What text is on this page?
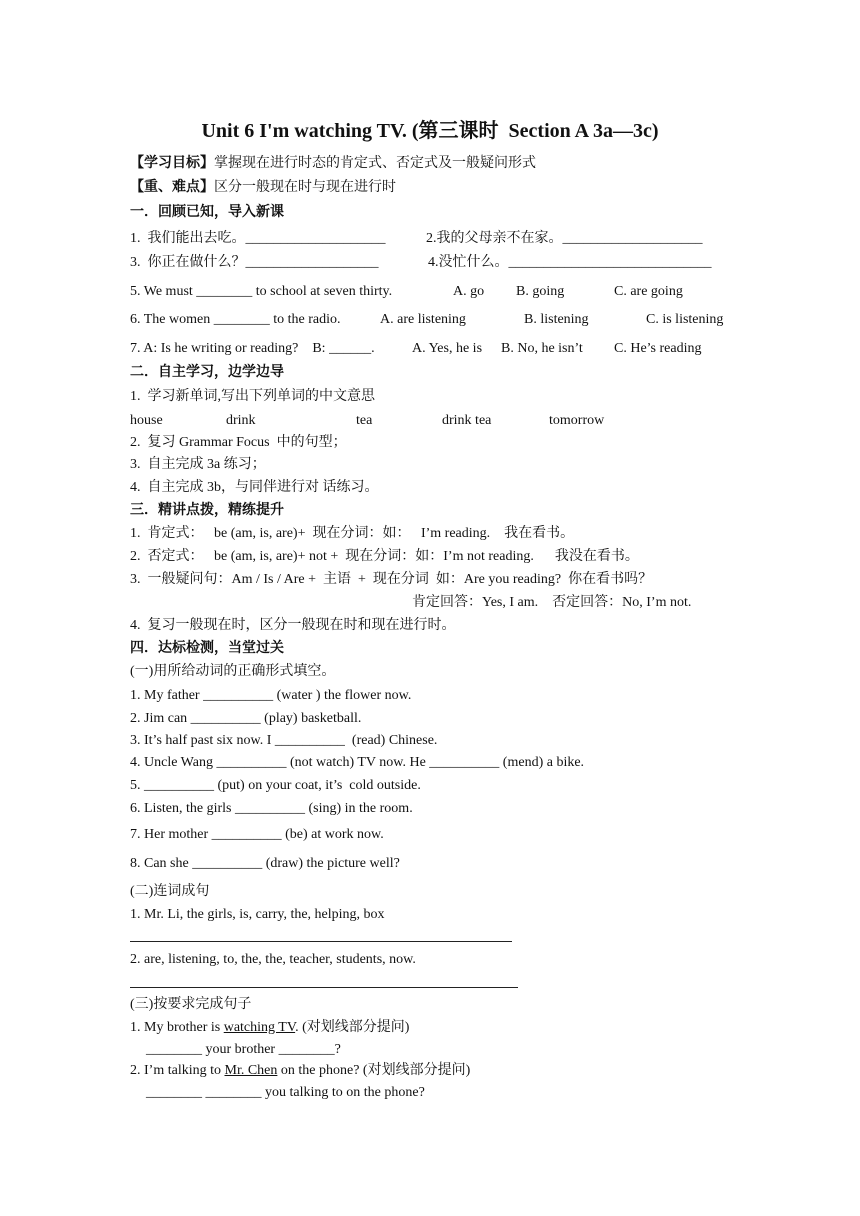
Unit 6 I'm watching TV. (第三课时  Section A 3a—3c)
【学习目标】掌握现在进行时态的肯定式、否定式及一般疑问形式
【重、难点】区分一般现在时与现在进行时
一．回顾已知，导入新课
1.  我们能出去吃。____________________	2.我的父母亲不在家。____________________
3.  你正在做什么？___________________	4.没忙什么。_____________________________
5. We must ________ to school at seven thirty.	A. go B. going	C. are going
6. The women ________ to the radio.	A. are listening	B. listening	C. is listening
7. A: Is he writing or reading?    B: ______.	A. Yes, he is B. No, he isn’t C. He’s reading
二．自主学习，边学边导
1.  学习新单词,写出下列单词的中文意思
house	drink	tea	drink tea	tomorrow
2.  复习 Grammar Focus  中的句型；
3.  自主完成 3a 练习；
4.  自主完成 3b，与同伴进行对 话练习。
三．精讲点拨，精练提升
1.  肯定式：   be (am, is, are)+  现在分词：如：   I’m reading.    我在看书。
2.  否定式：   be (am, is, are)+ not +  现在分词：如：I’m not reading.      我没在看书。
3.  一般疑问句：Am / Is / Are +  主语  +  现在分词  如：Are you reading?  你在看书吗？
肯定回答：Yes, I am.    否定回答：No, I’m not.
4.  复习一般现在时，区分一般现在时和现在进行时。
四．达标检测，当堂过关
(一)用所给动词的正确形式填空。
1. My father __________ (water ) the flower now.
2. Jim can __________ (play) basketball.
3. It’s half past six now. I __________  (read) Chinese.
4. Uncle Wang __________ (not watch) TV now. He __________ (mend) a bike.
5. __________ (put) on your coat, it’s  cold outside.
6. Listen, the girls __________ (sing) in the room.
7. Her mother __________ (be) at work now.
8. Can she __________ (draw) the picture well?
(二)连词成句
1. Mr. Li, the girls, is, carry, the, helping, box
2. are, listening, to, the, the, teacher, students, now.
(三)按要求完成句子
1. My brother is watching TV. (对划线部分提问)
________ your brother ________?
2. I’m talking to Mr. Chen on the phone? (对划线部分提问)
________ ________ you talking to on the phone?
